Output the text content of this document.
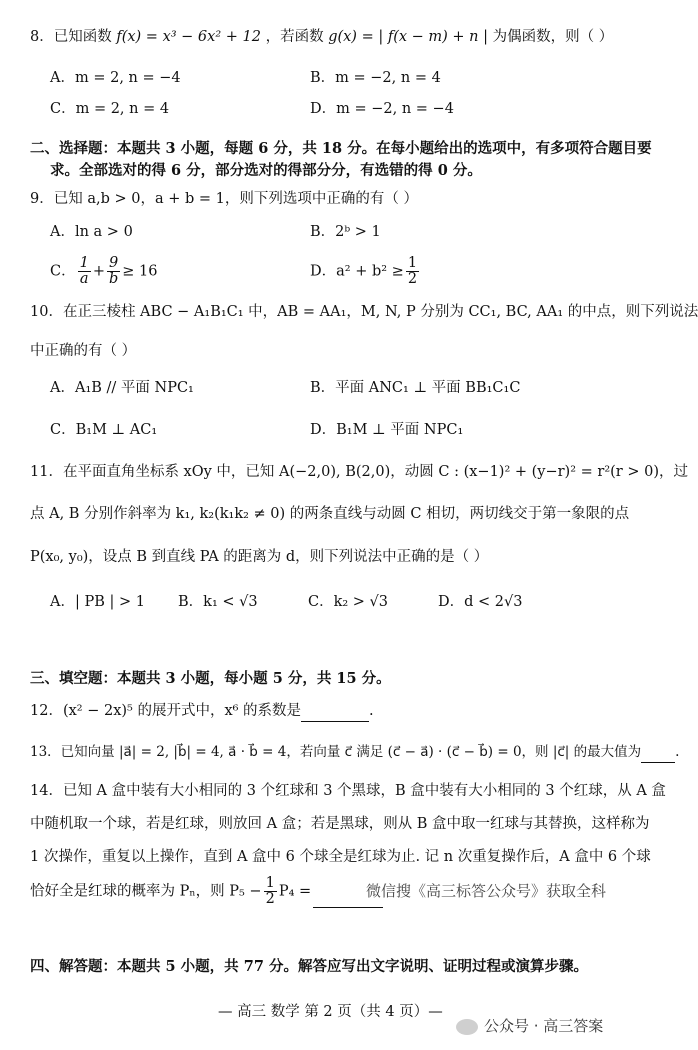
8．已知函数 f(x) = x³ − 6x² + 12 ，若函数 g(x) = | f(x − m) + n | 为偶函数，则（ ）
A．m = 2, n = −4	B．m = −2, n = 4
C．m = 2, n = 4	D．m = −2, n = −4
二、选择题：本题共 3 小题，每题 6 分，共 18 分。在每小题给出的选项中，有多项符合题目要
求。全部选对的得 6 分，部分选对的得部分分，有选错的得 0 分。
9．已知 a,b > 0，a + b = 1，则下列选项中正确的有（ ）
A．ln a > 0	B．2ᵇ > 1
C． $\frac{1}{a} + \frac{9}{b} \ge 16$	D．$a^2 + b^2 \ge \frac{1}{2}$
10．在正三棱柱 ABC − A₁B₁C₁ 中，AB = AA₁，M, N, P 分别为 CC₁, BC, AA₁ 的中点，则下列说法
中正确的有（ ）
A．A₁B // 平面 NPC₁	B．平面 ANC₁ ⊥ 平面 BB₁C₁C
C．B₁M ⊥ AC₁	D．B₁M ⊥ 平面 NPC₁
11．在平面直角坐标系 xOy 中，已知 A(−2,0), B(2,0)，动圆 C : (x−1)² + (y−r)² = r²(r > 0)，过
点 A, B 分别作斜率为 k₁, k₂(k₁k₂ ≠ 0) 的两条直线与动圆 C 相切，两切线交于第一象限的点
P(x₀, y₀)，设点 B 到直线 PA 的距离为 d，则下列说法中正确的是（ ）
A．| PB | > 1 B．k₁ < √3	C．k₂ > √3	D．d < 2√3
三、填空题：本题共 3 小题，每小题 5 分，共 15 分。
12．(x² − 2x)⁵ 的展开式中，x⁶ 的系数是	.
13．已知向量 |a⃗| = 2, |b⃗| = 4, a⃗ · b⃗ = 4，若向量 c⃗ 满足 (c⃗ − a⃗) · (c⃗ − b⃗) = 0，则 |c⃗| 的最大值为	.
14．已知 A 盒中装有大小相同的 3 个红球和 3 个黑球，B 盒中装有大小相同的 3 个红球，从 A 盒
中随机取一个球，若是红球，则放回 A 盒；若是黑球，则从 B 盒中取一红球与其替换，这样称为
1 次操作，重复以上操作，直到 A 盒中 6 个球全是红球为止. 记 n 次重复操作后，A 盒中 6 个球
恰好全是红球的概率为 Pₙ，则 $P_5 - \frac{1}{2} P_4$ =	微信搜《高三标答公众号》获取全科
四、解答题：本题共 5 小题，共 77 分。解答应写出文字说明、证明过程或演算步骤。
— 高三 数学 第 2 页（共 4 页）—
公众号 · 高三答案
